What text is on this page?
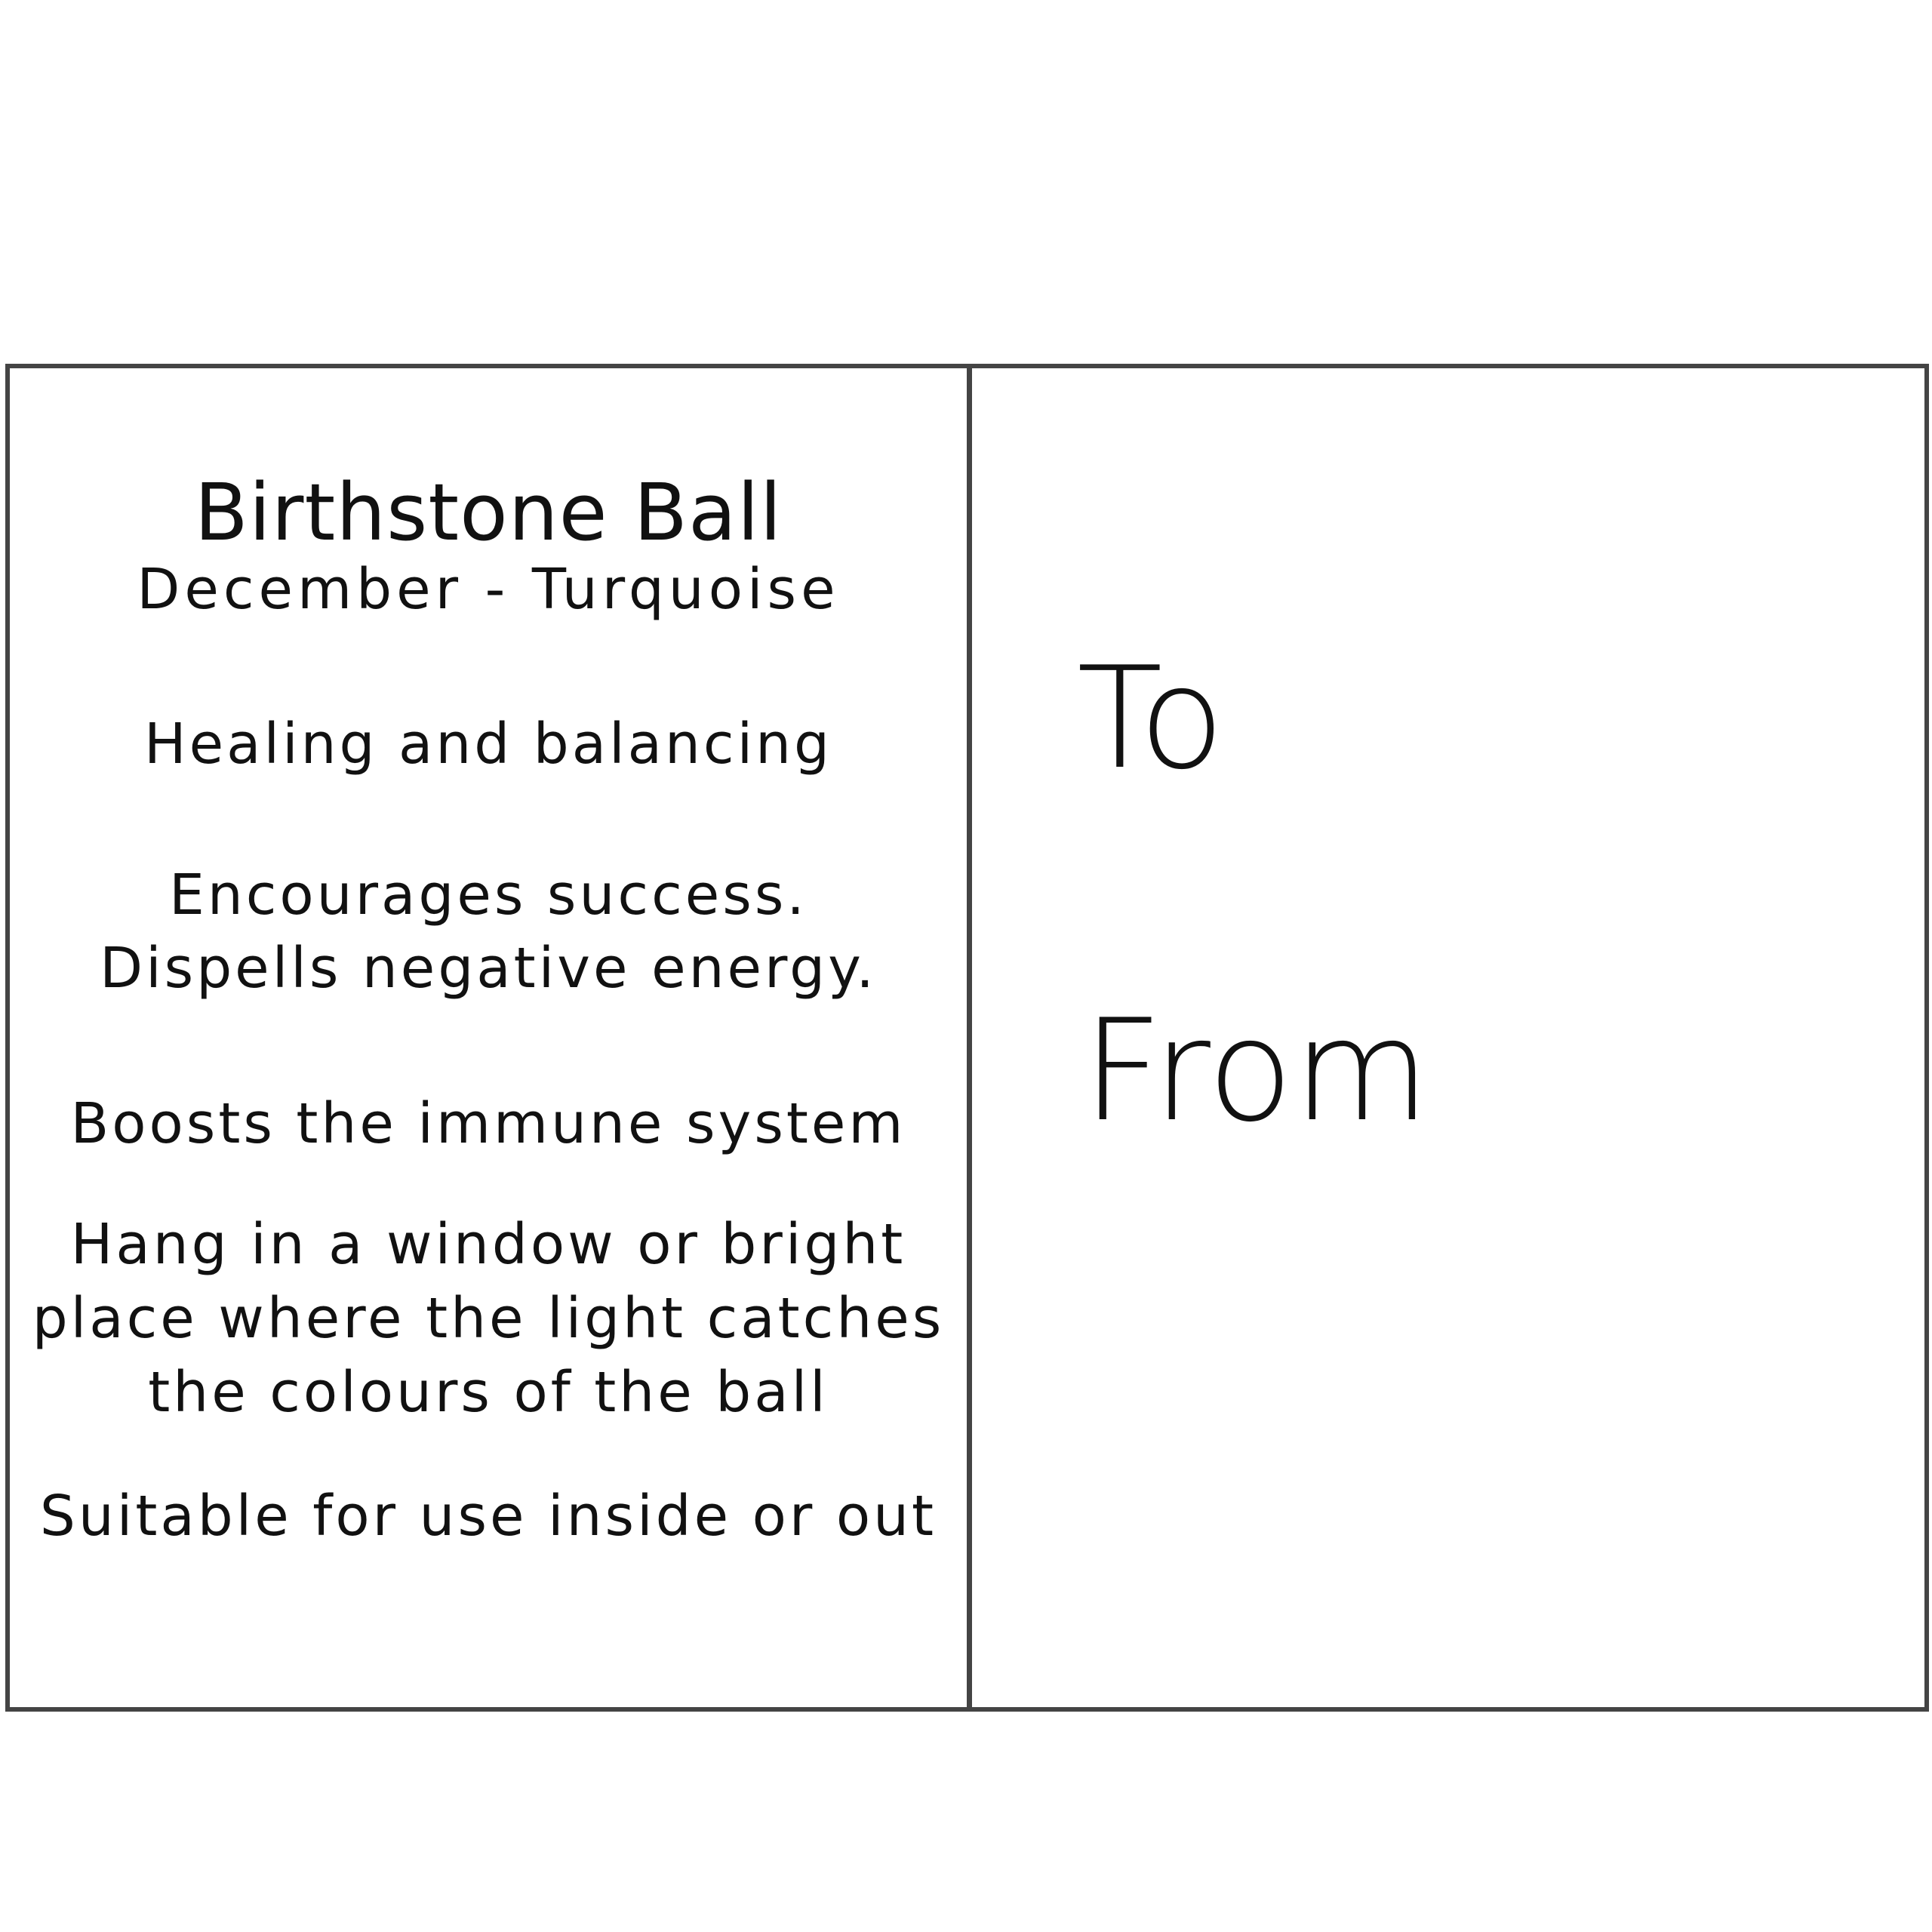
Birthstone Ball
December - Turquoise
Healing and balancing
Encourages success.
Dispells negative energy.
Boosts the immune system
Hang in a window or bright
place where the light catches
the colours of the ball
Suitable for use inside or out
To
From
